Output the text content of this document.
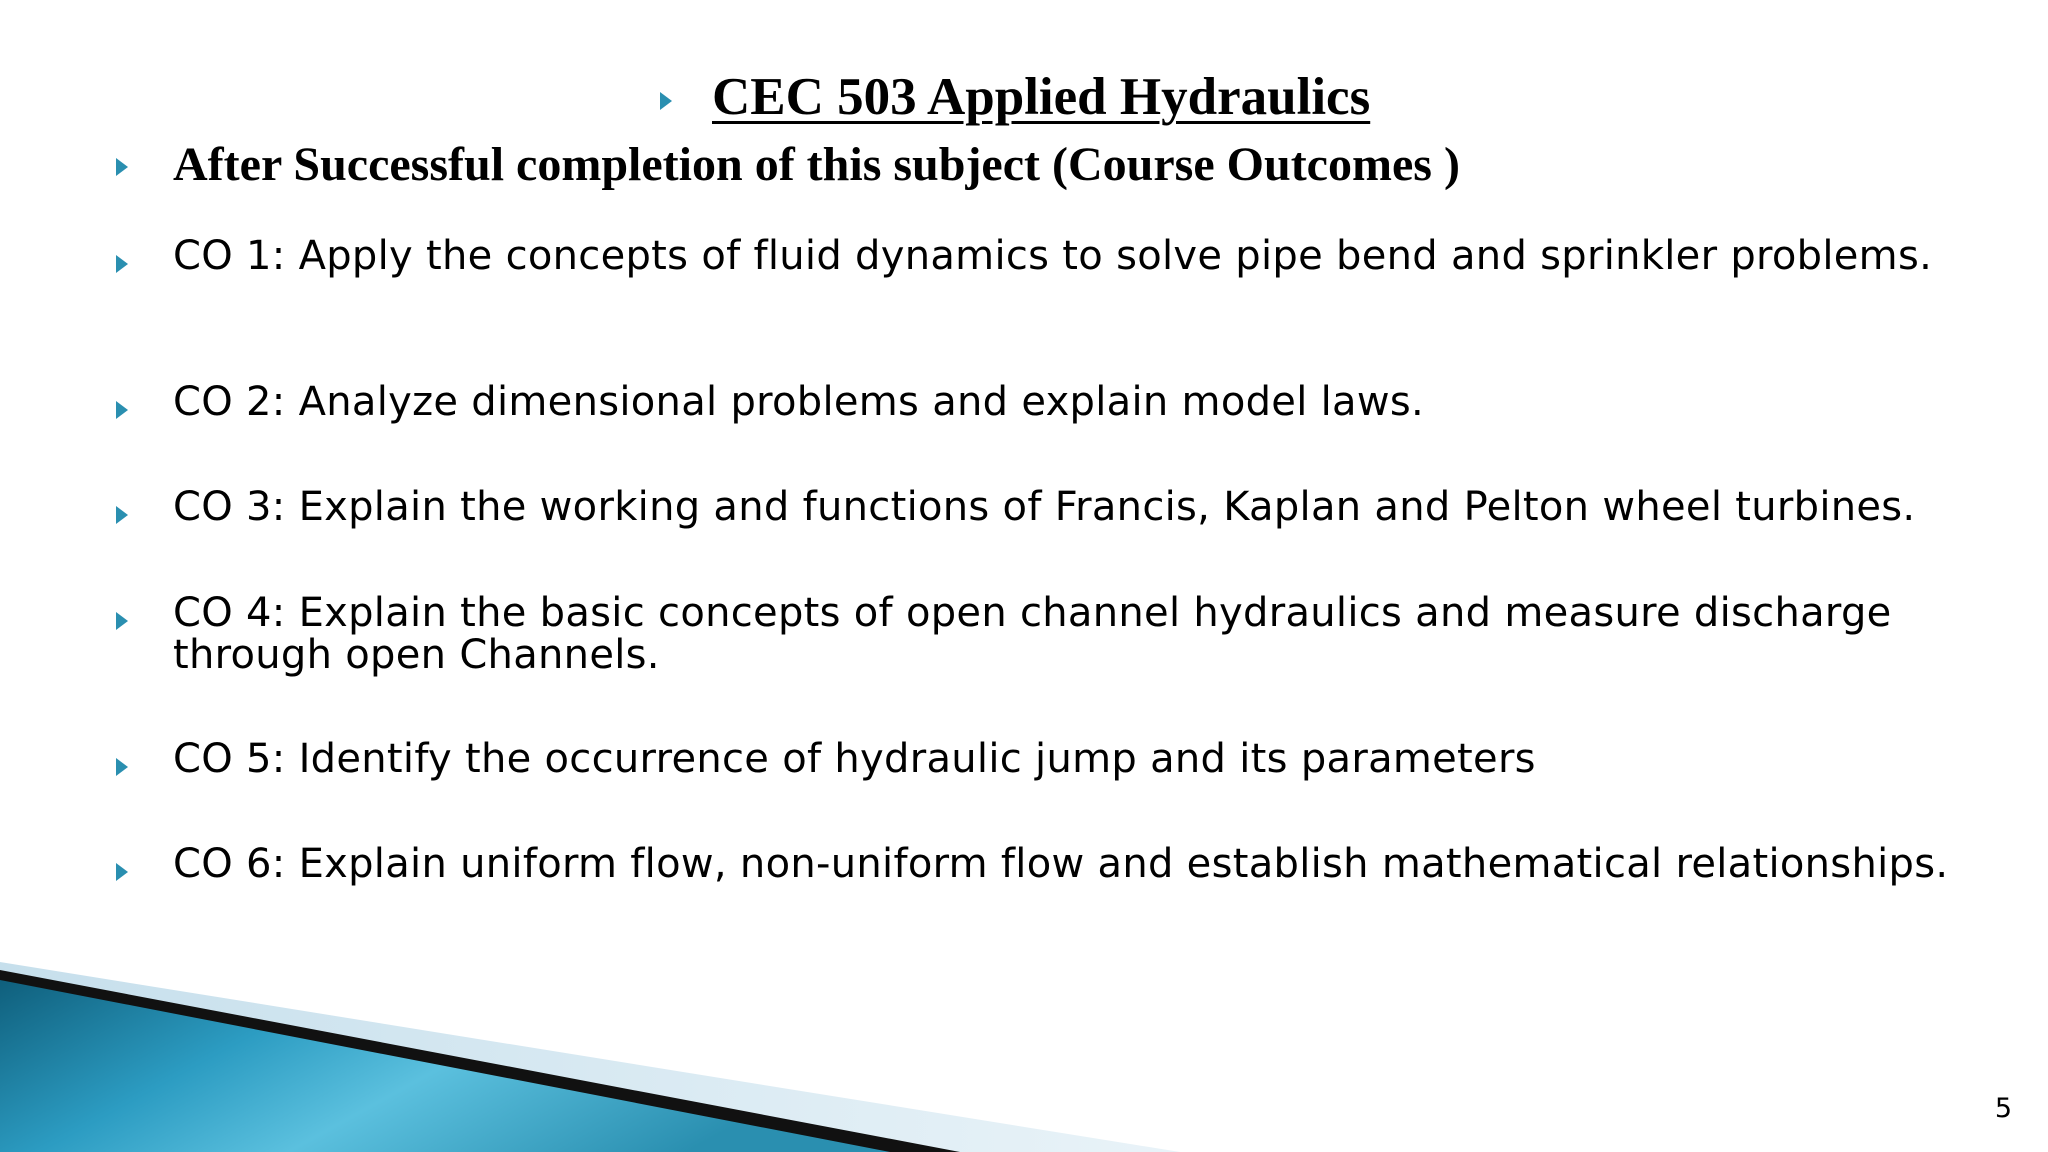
CEC 503 Applied Hydraulics
After Successful completion of this subject (Course Outcomes )
CO 1: Apply the concepts of fluid dynamics to solve pipe bend and sprinkler problems.
CO 2: Analyze dimensional problems and explain model laws.
CO 3: Explain the working and functions of Francis, Kaplan and Pelton wheel turbines.
CO 4: Explain the basic concepts of open channel hydraulics and measure discharge through open Channels.
CO 5: Identify the occurrence of hydraulic jump and its parameters
CO 6: Explain uniform flow, non-uniform flow and establish mathematical relationships.
5
